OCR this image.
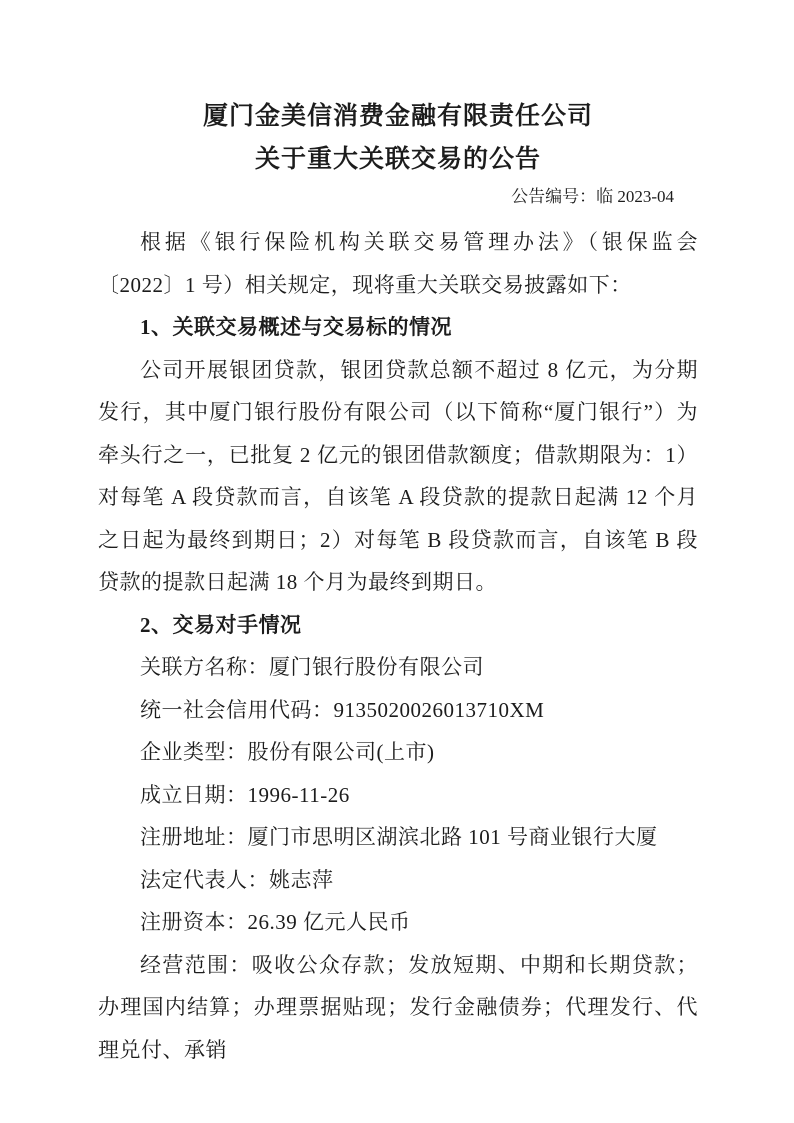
厦门金美信消费金融有限责任公司
关于重大关联交易的公告
公告编号：临 2023-04

根据《银行保险机构关联交易管理办法》（银保监会〔2022〕1 号）相关规定，现将重大关联交易披露如下：

1、关联交易概述与交易标的情况

公司开展银团贷款，银团贷款总额不超过 8 亿元，为分期发行，其中厦门银行股份有限公司（以下简称“厦门银行”）为牵头行之一，已批复 2 亿元的银团借款额度；借款期限为：1）对每笔 A 段贷款而言，自该笔 A 段贷款的提款日起满 12 个月之日起为最终到期日；2）对每笔 B 段贷款而言，自该笔 B 段贷款的提款日起满 18 个月为最终到期日。

2、交易对手情况

关联方名称：厦门银行股份有限公司

统一社会信用代码：9135020026013710XM

企业类型：股份有限公司(上市)

成立日期：1996-11-26

注册地址：厦门市思明区湖滨北路 101 号商业银行大厦

法定代表人：姚志萍

注册资本：26.39 亿元人民币

经营范围：吸收公众存款；发放短期、中期和长期贷款；办理国内结算；办理票据贴现；发行金融债券；代理发行、代理兑付、承销
